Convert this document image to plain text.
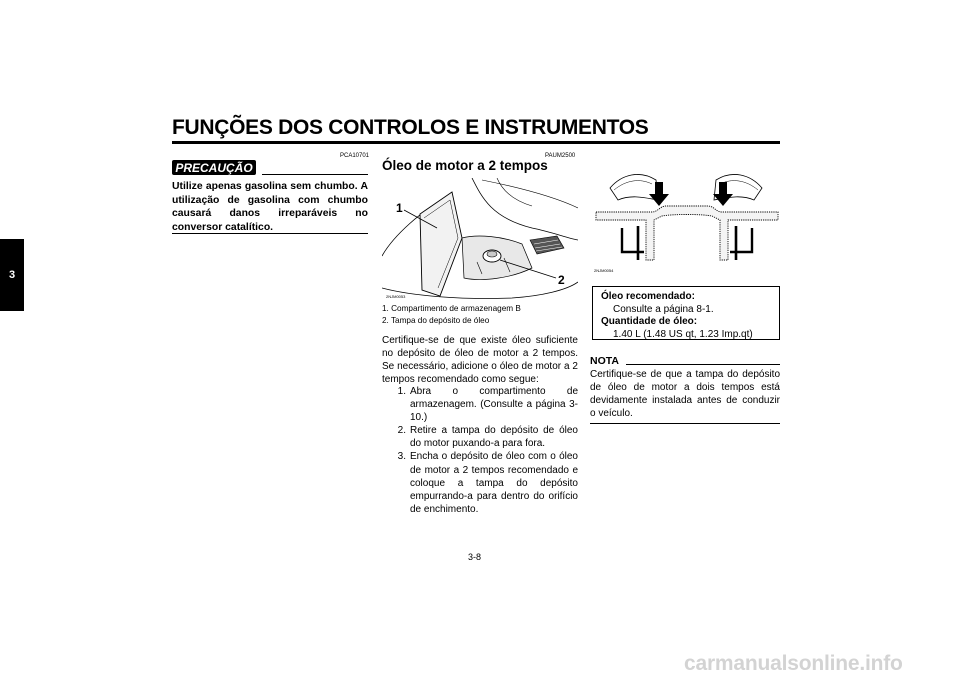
FUNÇÕES DOS CONTROLOS E INSTRUMENTOS
3
PCA10701
PRECAUÇÃO
Utilize apenas gasolina sem chumbo. A utilização de gasolina com chumbo causará danos irreparáveis no conversor catalítico.
PAUM2500
Óleo de motor a 2 tempos
1
2
2NJM0053
1. Compartimento de armazenagem B
2. Tampa do depósito de óleo
Certifique-se de que existe óleo suficiente no depósito de óleo de motor a 2 tempos. Se necessário, adicione o óleo de motor a 2 tempos recomendado como segue:
1. Abra o compartimento de armazenagem. (Consulte a página 3-10.)
2. Retire a tampa do depósito de óleo do motor puxando-a para fora.
3. Encha o depósito de óleo com o óleo de motor a 2 tempos recomendado e coloque a tampa do depósito empurrando-a para dentro do orifício de enchimento.
2NJM0054
Óleo recomendado:
Consulte a página 8-1.
Quantidade de óleo:
1.40 L (1.48 US qt, 1.23 Imp.qt)
NOTA
Certifique-se de que a tampa do depósito de óleo de motor a dois tempos está devidamente instalada antes de conduzir o veículo.
3-8
carmanualsonline.info
